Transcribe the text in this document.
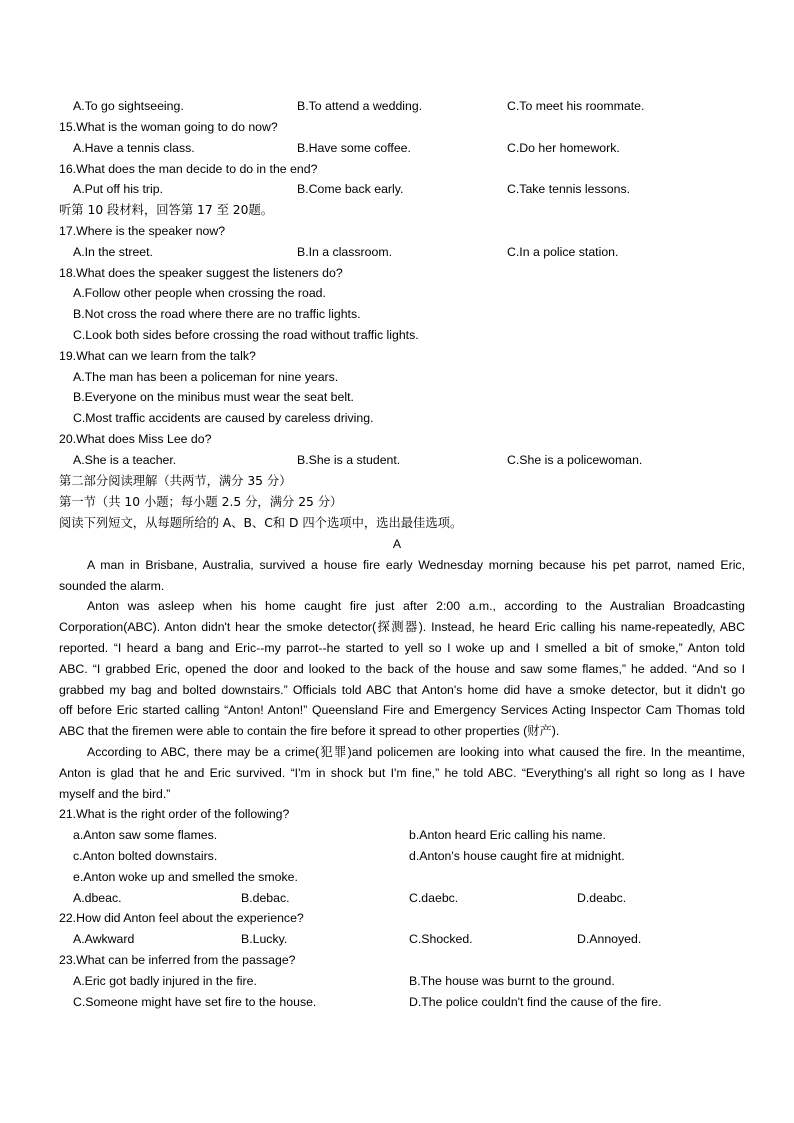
A.To go sightseeing.	B.To attend a wedding.	C.To meet his roommate.
15.What is the woman going to do now?
A.Have a tennis class.	B.Have some coffee.	C.Do her homework.
16.What does the man decide to do in the end?
A.Put off his trip.	B.Come back early.	C.Take tennis lessons.
听第 10 段材料，回答第 17 至 20题。
17.Where is the speaker now?
A.In the street.	B.In a classroom.	C.In a police station.
18.What does the speaker suggest the listeners do?
A.Follow other people when crossing the road.
B.Not cross the road where there are no traffic lights.
C.Look both sides before crossing the road without traffic lights.
19.What can we learn from the talk?
A.The man has been a policeman for nine years.
B.Everyone on the minibus must wear the seat belt.
C.Most traffic accidents are caused by careless driving.
20.What does Miss Lee do?
A.She is a teacher.	B.She is a student.	C.She is a policewoman.
第二部分阅读理解（共两节，满分 35 分）
第一节（共 10 小题；每小题 2.5 分，满分 25 分）
阅读下列短文，从每题所给的 A、B、C和 D 四个选项中，选出最佳选项。
A
A man in Brisbane, Australia, survived a house fire early Wednesday morning because his pet parrot, named Eric,
sounded the alarm.
Anton was asleep when his home caught fire just after 2:00 a.m., according to the Australian Broadcasting
Corporation(ABC). Anton didn't hear the smoke detector(探测器). Instead, he heard Eric calling his name-repeatedly, ABC
reported. “I heard a bang and Eric--my parrot--he started to yell so I woke up and I smelled a bit of smoke,” Anton told
ABC. “I grabbed Eric, opened the door and looked to the back of the house and saw some flames,” he added. “And so I
grabbed my bag and bolted downstairs.” Officials told ABC that Anton's home did have a smoke detector, but it didn't go
off before Eric started calling “Anton! Anton!” Queensland Fire and Emergency Services Acting Inspector Cam Thomas told
ABC that the firemen were able to contain the fire before it spread to other properties (财产).
According to ABC, there may be a crime(犯罪)and policemen are looking into what caused the fire. In the meantime,
Anton is glad that he and Eric survived. “I'm in shock but I'm fine,” he told ABC. “Everything's all right so long as I have
myself and the bird.”
21.What is the right order of the following?
a.Anton saw some flames.	b.Anton heard Eric calling his name.
c.Anton bolted downstairs.	d.Anton's house caught fire at midnight.
e.Anton woke up and smelled the smoke.
A.dbeac.	B.debac.	C.daebc.	D.deabc.
22.How did Anton feel about the experience?
A.Awkward	B.Lucky.	C.Shocked.	D.Annoyed.
23.What can be inferred from the passage?
A.Eric got badly injured in the fire.	B.The house was burnt to the ground.
C.Someone might have set fire to the house.	D.The police couldn't find the cause of the fire.
